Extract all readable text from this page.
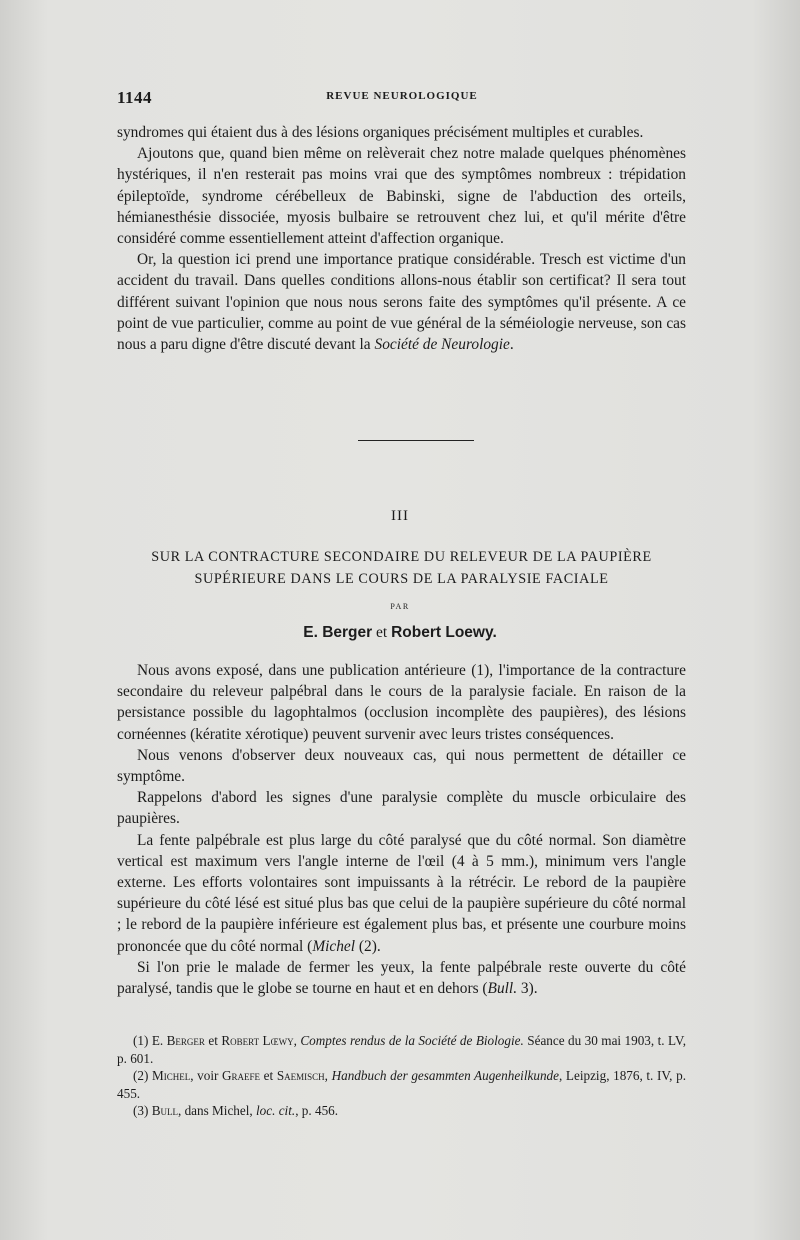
1144	REVUE NEUROLOGIQUE

syndromes qui étaient dus à des lésions organiques précisément multiples et curables.

Ajoutons que, quand bien même on relèverait chez notre malade quelques phénomènes hystériques, il n'en resterait pas moins vrai que des symptômes nombreux : trépidation épileptoïde, syndrome cérébelleux de Babinski, signe de l'abduction des orteils, hémianesthésie dissociée, myosis bulbaire se retrouvent chez lui, et qu'il mérite d'être considéré comme essentiellement atteint d'affection organique.

Or, la question ici prend une importance pratique considérable. Tresch est victime d'un accident du travail. Dans quelles conditions allons-nous établir son certificat? Il sera tout différent suivant l'opinion que nous nous serons faite des symptômes qu'il présente. A ce point de vue particulier, comme au point de vue général de la séméiologie nerveuse, son cas nous a paru digne d'être discuté devant la Société de Neurologie.

III
SUR LA CONTRACTURE SECONDAIRE DU RELEVEUR DE LA PAUPIÈRE
SUPÉRIEURE DANS LE COURS DE LA PARALYSIE FACIALE
PAR
E. Berger et Robert Loewy.

Nous avons exposé, dans une publication antérieure (1), l'importance de la contracture secondaire du releveur palpébral dans le cours de la paralysie faciale. En raison de la persistance possible du lagophtalmos (occlusion incomplète des paupières), des lésions cornéennes (kératite xérotique) peuvent survenir avec leurs tristes conséquences.

Nous venons d'observer deux nouveaux cas, qui nous permettent de détailler ce symptôme.

Rappelons d'abord les signes d'une paralysie complète du muscle orbiculaire des paupières.

La fente palpébrale est plus large du côté paralysé que du côté normal. Son diamètre vertical est maximum vers l'angle interne de l'œil (4 à 5 mm.), minimum vers l'angle externe. Les efforts volontaires sont impuissants à la rétrécir. Le rebord de la paupière supérieure du côté lésé est situé plus bas que celui de la paupière supérieure du côté normal ; le rebord de la paupière inférieure est également plus bas, et présente une courbure moins prononcée que du côté normal (Michel (2).

Si l'on prie le malade de fermer les yeux, la fente palpébrale reste ouverte du côté paralysé, tandis que le globe se tourne en haut et en dehors (Bull. 3).

(1) E. Berger et Robert Lœwy, Comptes rendus de la Société de Biologie. Séance du 30 mai 1903, t. LV, p. 601.

(2) Michel, voir Graefe et Saemisch, Handbuch der gesammten Augenheilkunde, Leipzig, 1876, t. IV, p. 455.

(3) Bull, dans Michel, loc. cit., p. 456.
